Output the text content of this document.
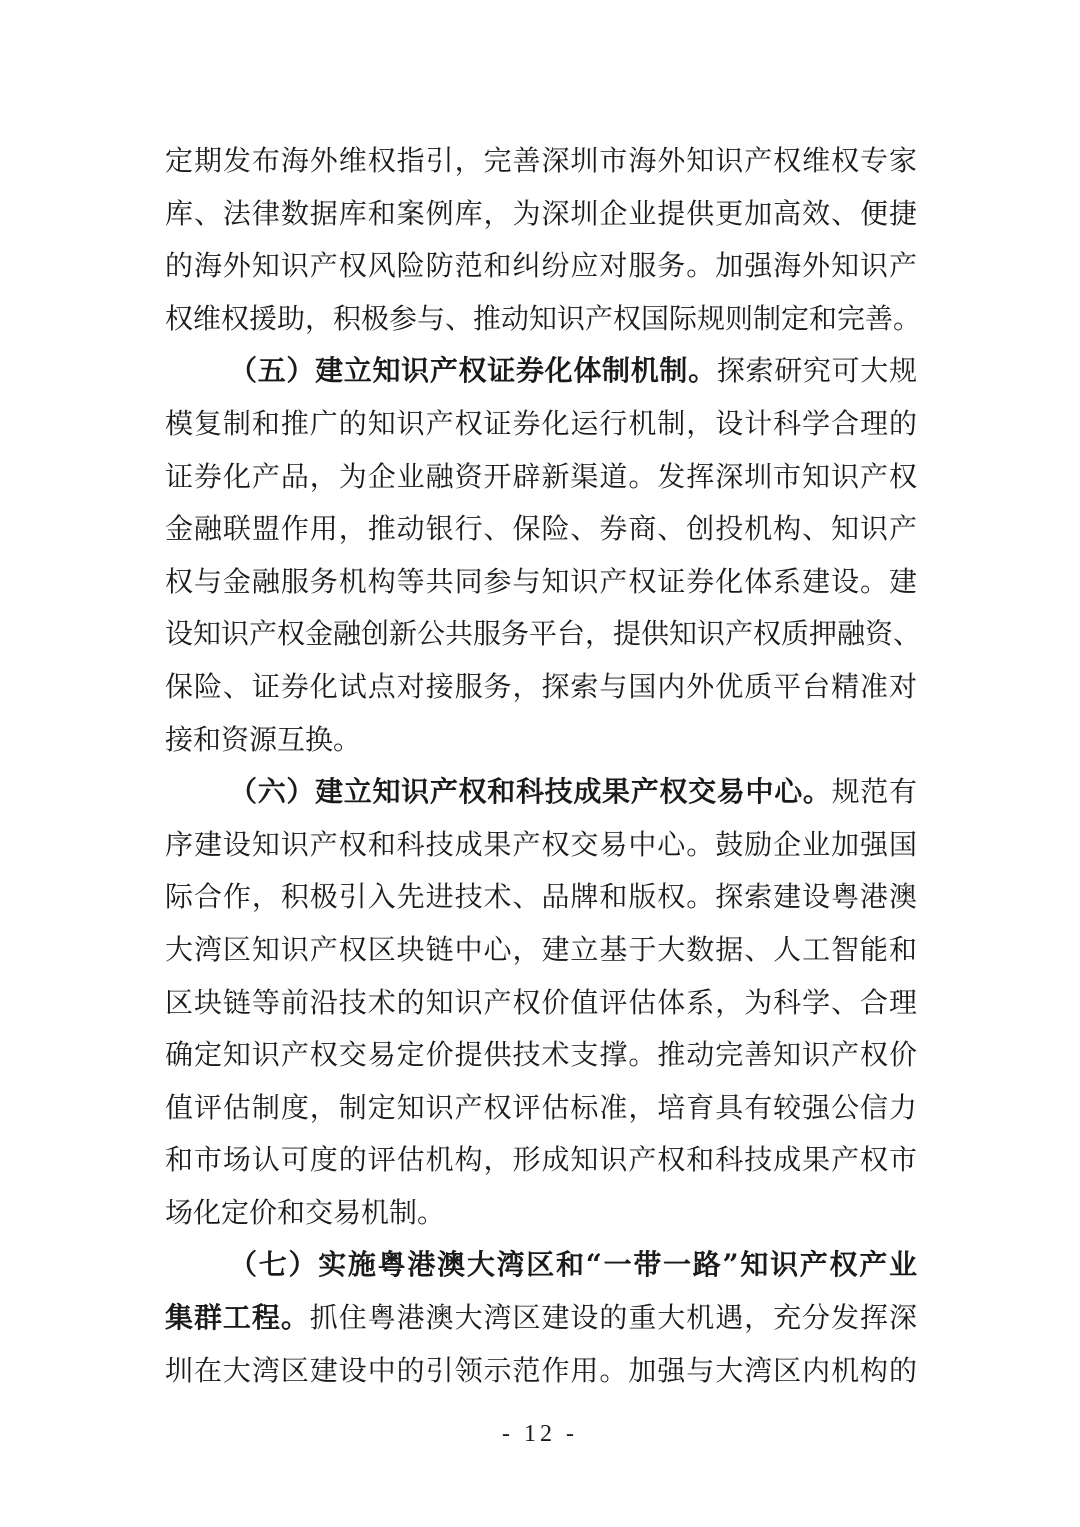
定期发布海外维权指引，完善深圳市海外知识产权维权专家
库、法律数据库和案例库，为深圳企业提供更加高效、便捷
的海外知识产权风险防范和纠纷应对服务。加强海外知识产
权维权援助，积极参与、推动知识产权国际规则制定和完善。
（五）建立知识产权证券化体制机制。探索研究可大规
模复制和推广的知识产权证券化运行机制，设计科学合理的
证券化产品，为企业融资开辟新渠道。发挥深圳市知识产权
金融联盟作用，推动银行、保险、券商、创投机构、知识产
权与金融服务机构等共同参与知识产权证券化体系建设。建
设知识产权金融创新公共服务平台，提供知识产权质押融资、
保险、证券化试点对接服务，探索与国内外优质平台精准对
接和资源互换。
（六）建立知识产权和科技成果产权交易中心。规范有
序建设知识产权和科技成果产权交易中心。鼓励企业加强国
际合作，积极引入先进技术、品牌和版权。探索建设粤港澳
大湾区知识产权区块链中心，建立基于大数据、人工智能和
区块链等前沿技术的知识产权价值评估体系，为科学、合理
确定知识产权交易定价提供技术支撑。推动完善知识产权价
值评估制度，制定知识产权评估标准，培育具有较强公信力
和市场认可度的评估机构，形成知识产权和科技成果产权市
场化定价和交易机制。
（七）实施粤港澳大湾区和“一带一路”知识产权产业
集群工程。抓住粤港澳大湾区建设的重大机遇，充分发挥深
圳在大湾区建设中的引领示范作用。加强与大湾区内机构的
- 12 -
